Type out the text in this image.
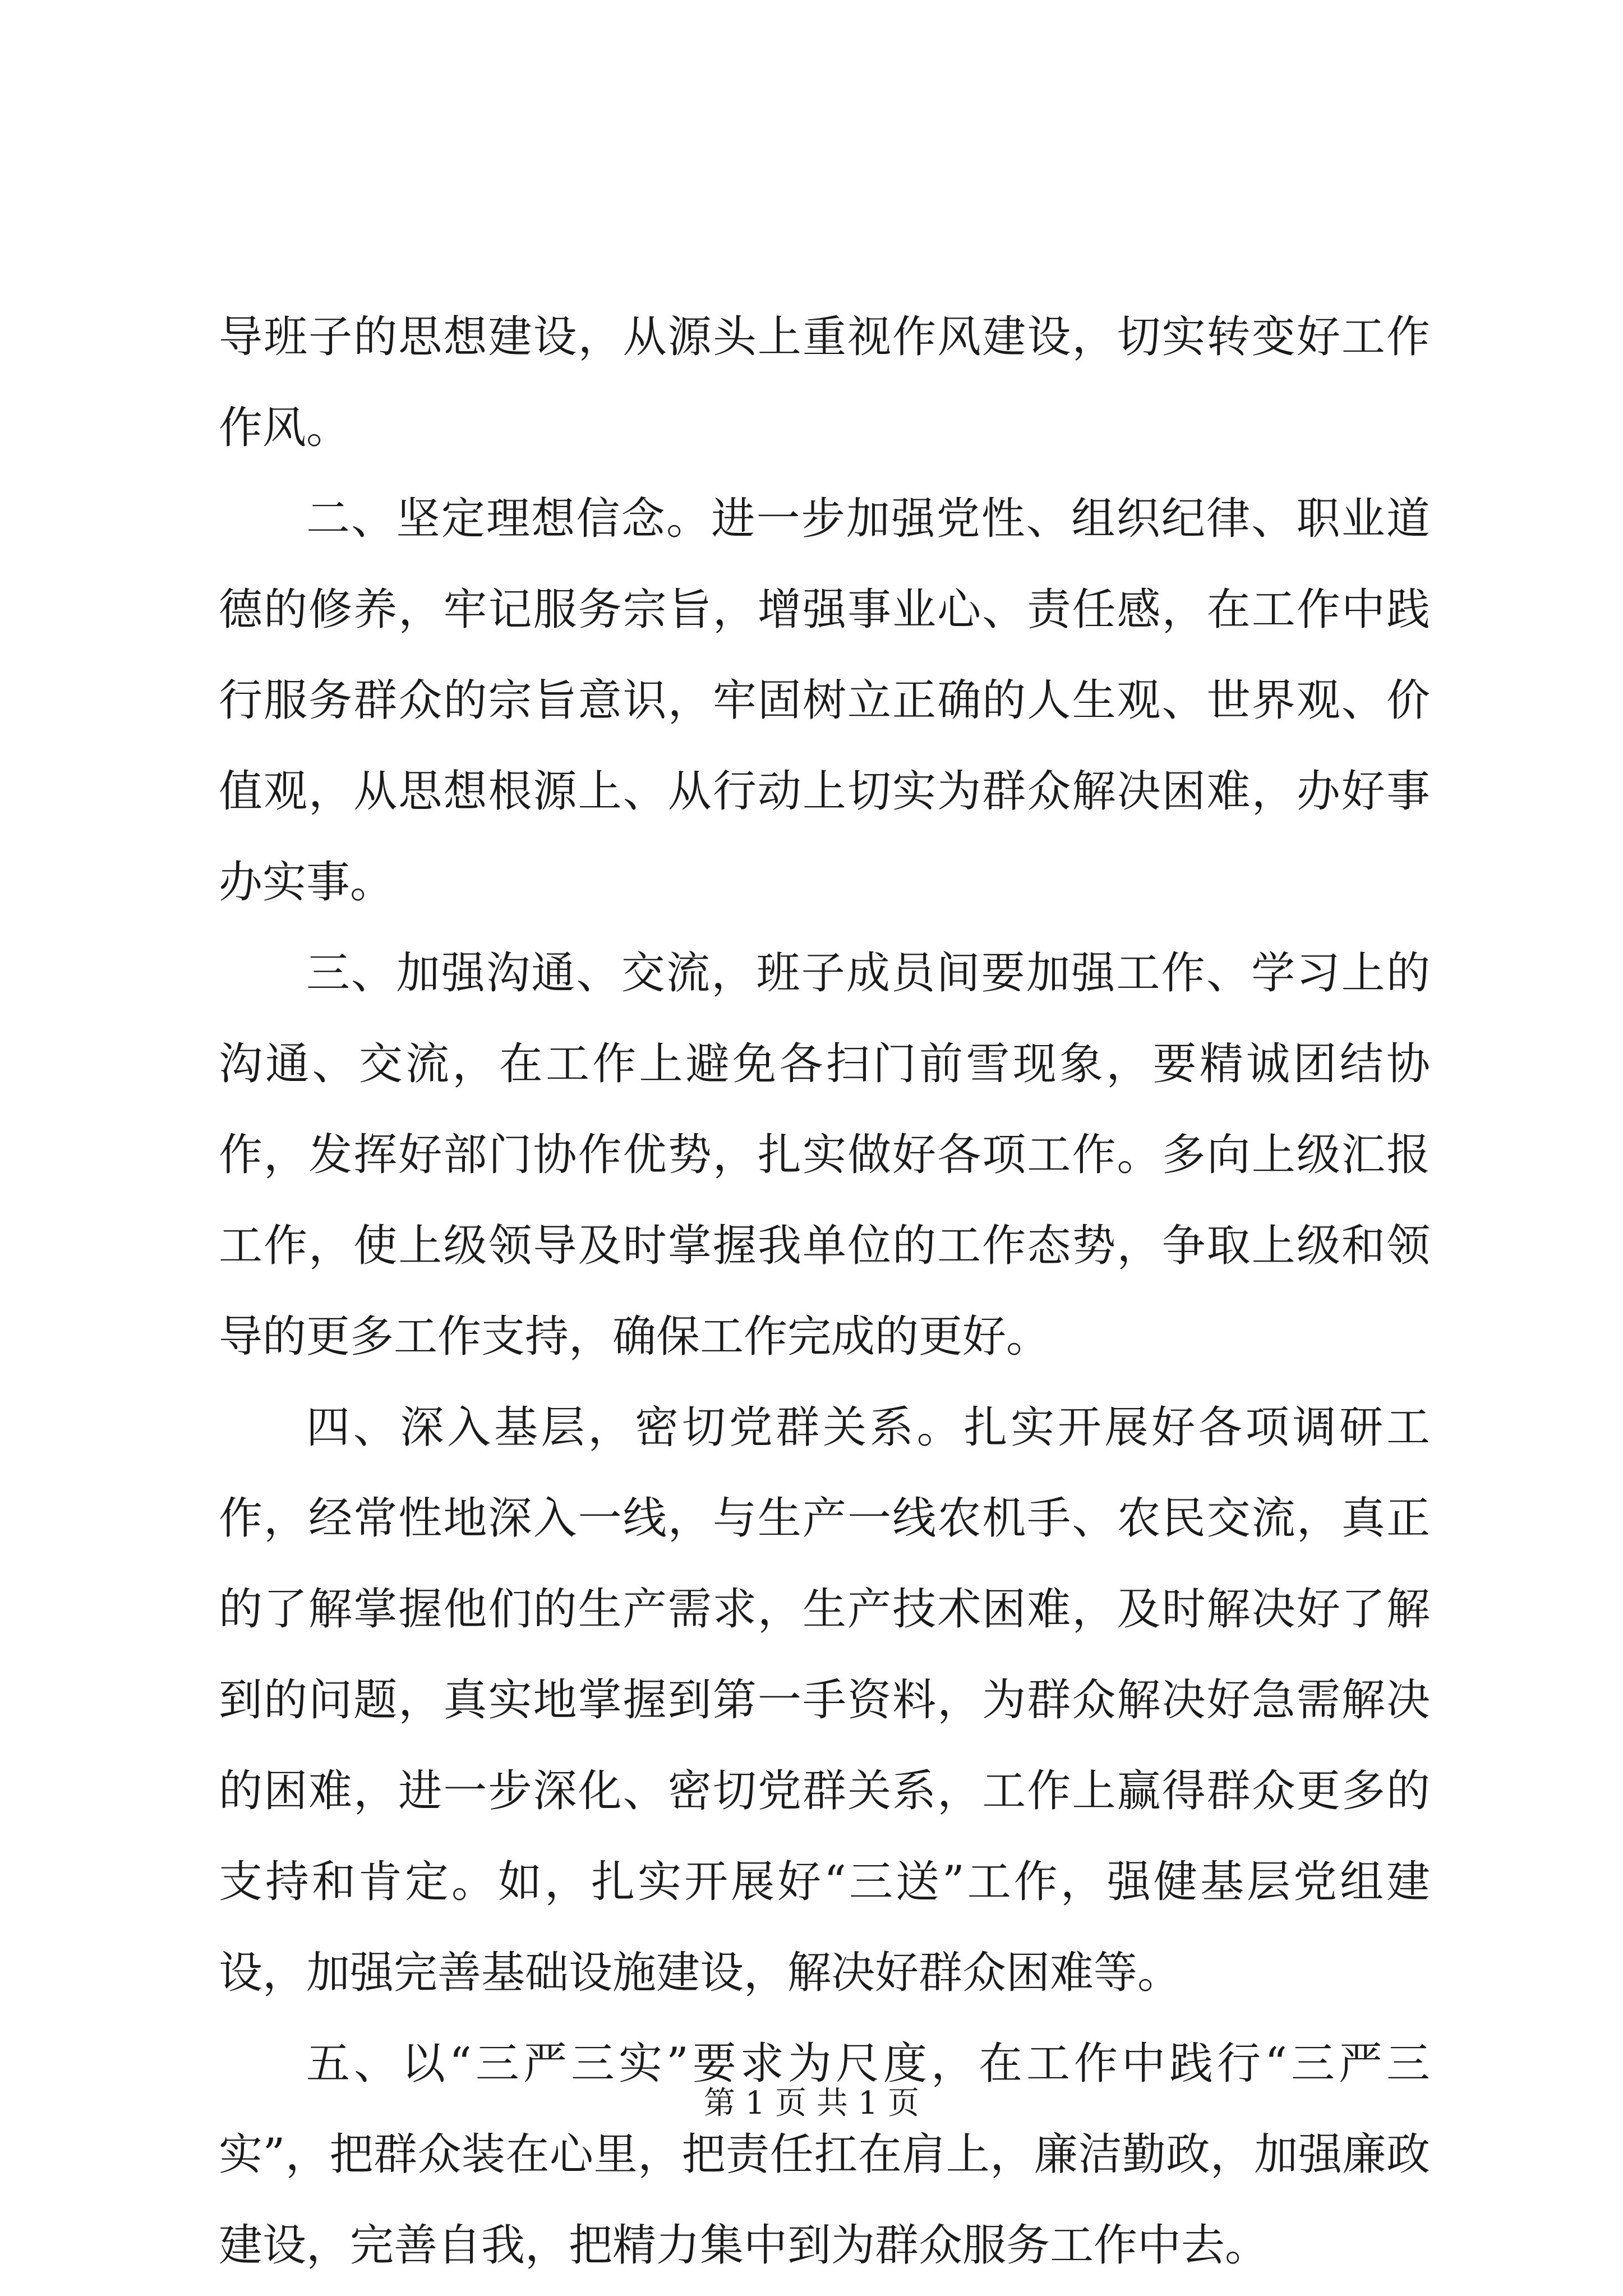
导班子的思想建设，从源头上重视作风建设，切实转变好工作作风。

二、坚定理想信念。进一步加强党性、组织纪律、职业道德的修养，牢记服务宗旨，增强事业心、责任感，在工作中践行服务群众的宗旨意识，牢固树立正确的人生观、世界观、价值观，从思想根源上、从行动上切实为群众解决困难，办好事办实事。

三、加强沟通、交流，班子成员间要加强工作、学习上的沟通、交流，在工作上避免各扫门前雪现象，要精诚团结协作，发挥好部门协作优势，扎实做好各项工作。多向上级汇报工作，使上级领导及时掌握我单位的工作态势，争取上级和领导的更多工作支持，确保工作完成的更好。

四、深入基层，密切党群关系。扎实开展好各项调研工作，经常性地深入一线，与生产一线农机手、农民交流，真正的了解掌握他们的生产需求，生产技术困难，及时解决好了解到的问题，真实地掌握到第一手资料，为群众解决好急需解决的困难，进一步深化、密切党群关系，工作上赢得群众更多的支持和肯定。如，扎实开展好“三送”工作，强健基层党组建设，加强完善基础设施建设，解决好群众困难等。

五、以“三严三实”要求为尺度，在工作中践行“三严三实”，把群众装在心里，把责任扛在肩上，廉洁勤政，加强廉政建设，完善自我，把精力集中到为群众服务工作中去。

第 1 页 共 1 页
